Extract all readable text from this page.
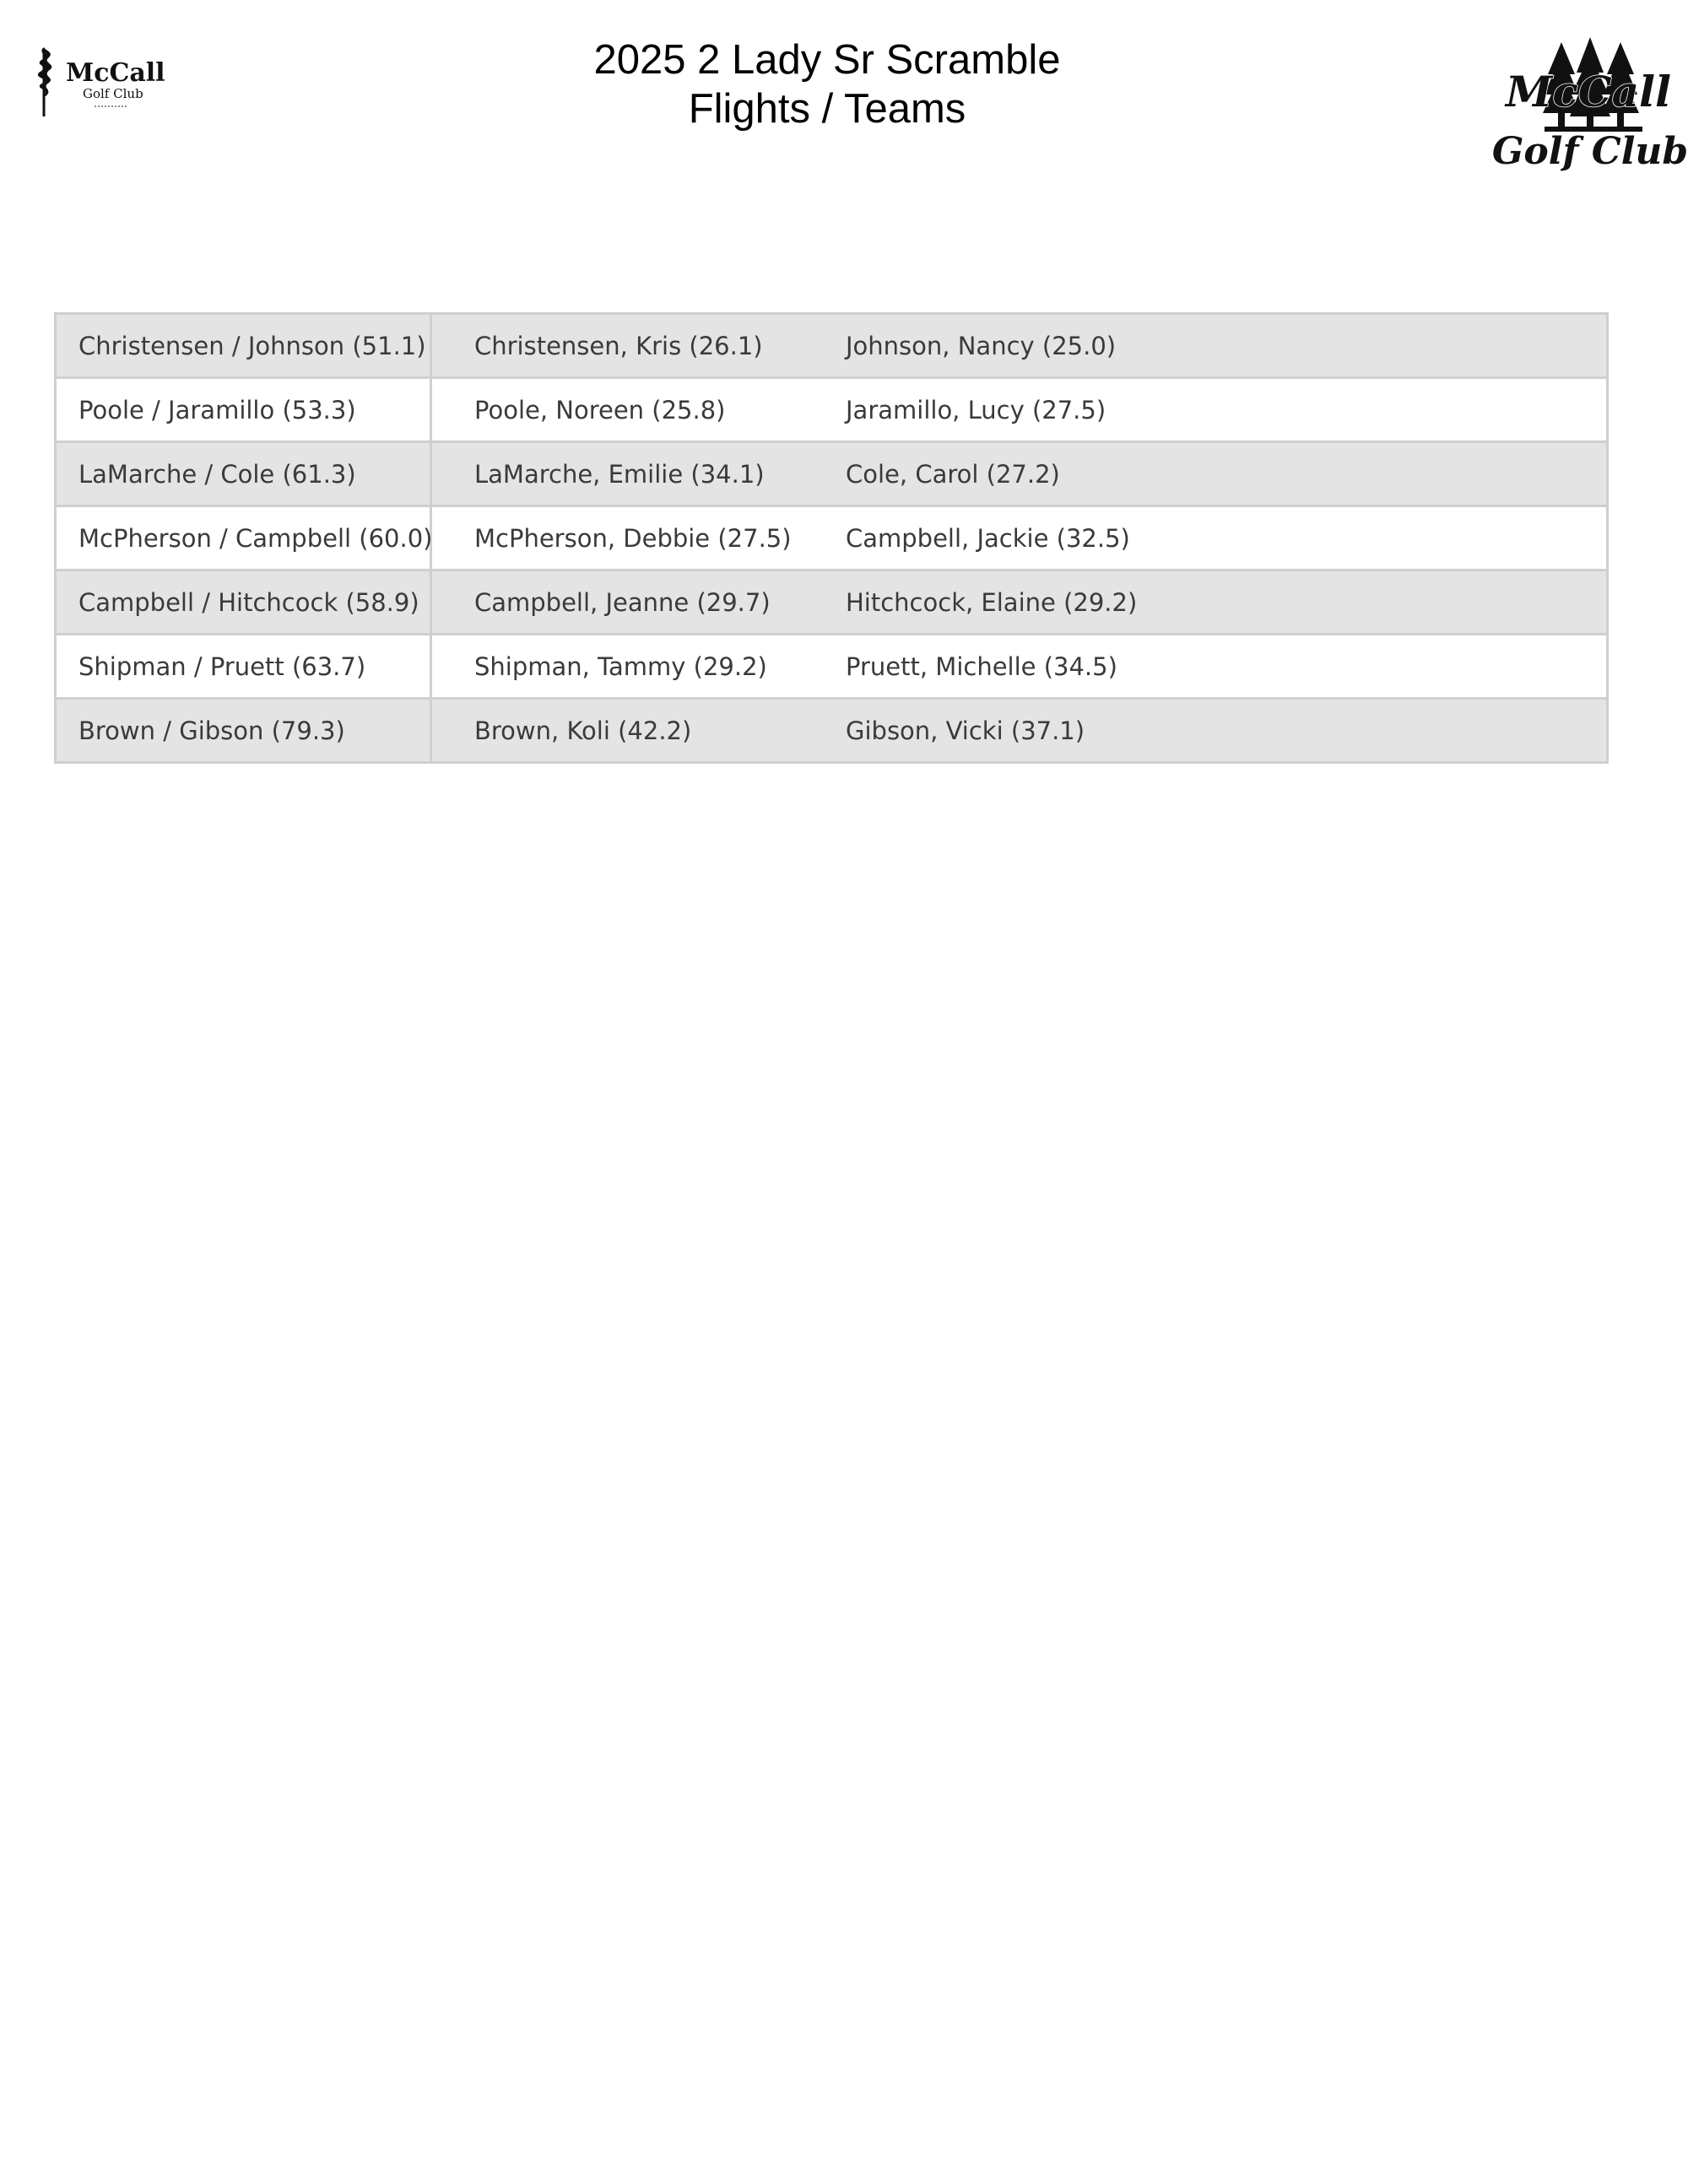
McCall
Golf Club
2025 2 Lady Sr Scramble
Flights / Teams	McCall
Golf Club
Christensen / Johnson (51.1)	Christensen, Kris (26.1)	Johnson, Nancy (25.0)
Poole / Jaramillo (53.3)	Poole, Noreen (25.8)	Jaramillo, Lucy (27.5)
LaMarche / Cole (61.3)	LaMarche, Emilie (34.1)	Cole, Carol (27.2)
McPherson / Campbell (60.0)	McPherson, Debbie (27.5)	Campbell, Jackie (32.5)
Campbell / Hitchcock (58.9)	Campbell, Jeanne (29.7)	Hitchcock, Elaine (29.2)
Shipman / Pruett (63.7)	Shipman, Tammy (29.2)	Pruett, Michelle (34.5)
Brown / Gibson (79.3)	Brown, Koli (42.2)	Gibson, Vicki (37.1)
